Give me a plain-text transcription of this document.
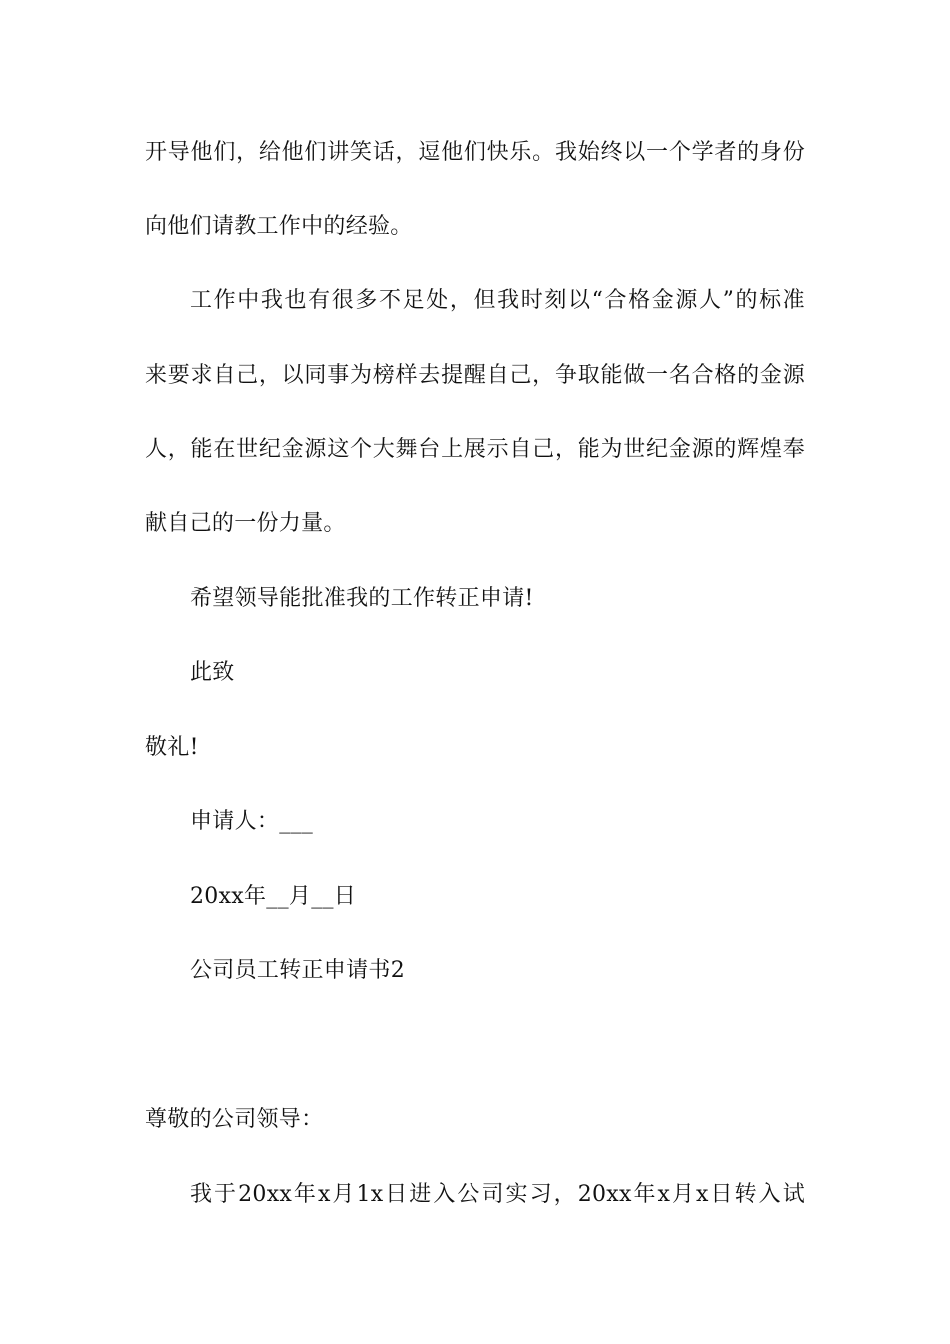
开导他们，给他们讲笑话，逗他们快乐。我始终以一个学者的身份
向他们请教工作中的经验。
工作中我也有很多不足处，但我时刻以“合格金源人”的标准
来要求自己，以同事为榜样去提醒自己，争取能做一名合格的金源
人，能在世纪金源这个大舞台上展示自己，能为世纪金源的辉煌奉
献自己的一份力量。
希望领导能批准我的工作转正申请!
此致
敬礼!
申请人：___
20xx年__月__日
公司员工转正申请书2
尊敬的公司领导：
我于20xx年x月1x日进入公司实习，20xx年x月x日转入试
